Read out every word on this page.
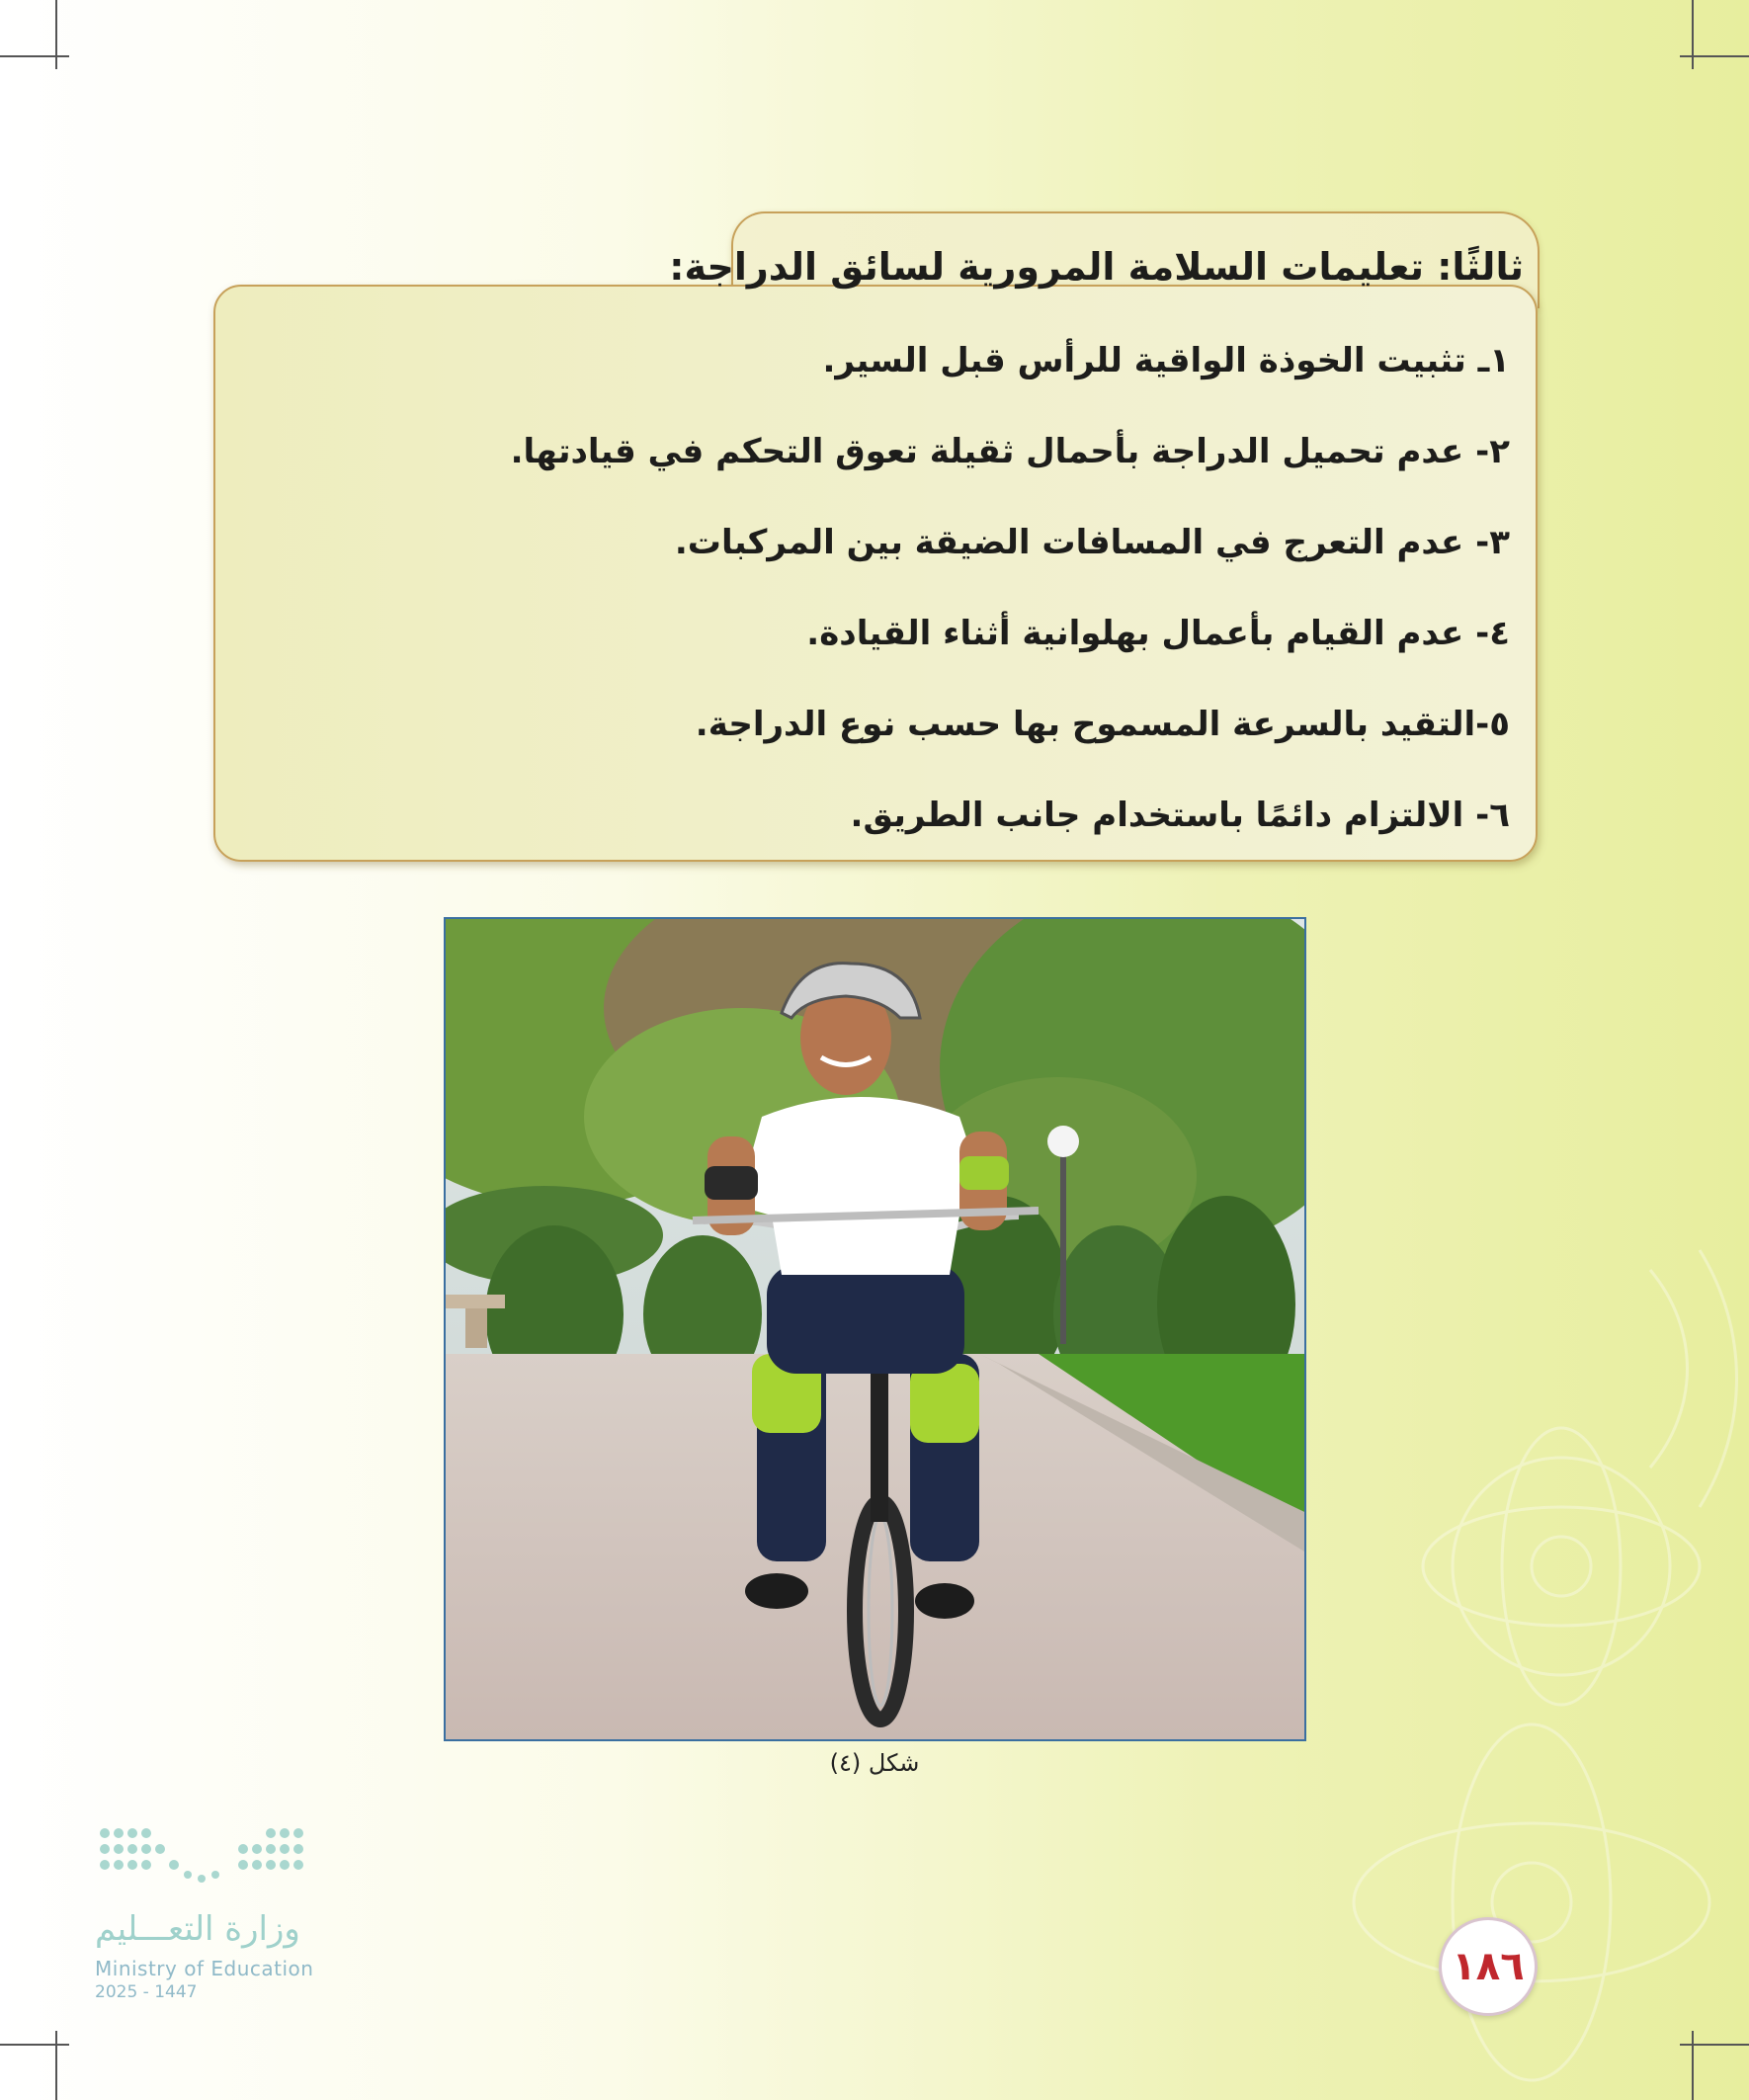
ثالثًا: تعليمات السلامة المرورية لسائق الدراجة:
١ـ تثبيت الخوذة الواقية للرأس قبل السير.
٢- عدم تحميل الدراجة بأحمال ثقيلة تعوق التحكم في قيادتها.
٣- عدم التعرج في المسافات الضيقة بين المركبات.
٤- عدم القيام بأعمال بهلوانية أثناء القيادة.
٥-التقيد بالسرعة المسموح بها حسب نوع الدراجة.
٦- الالتزام دائمًا باستخدام جانب الطريق.
شكل (٤)
وزارة التعـــليم
Ministry of Education
2025 - 1447
١٨٦
